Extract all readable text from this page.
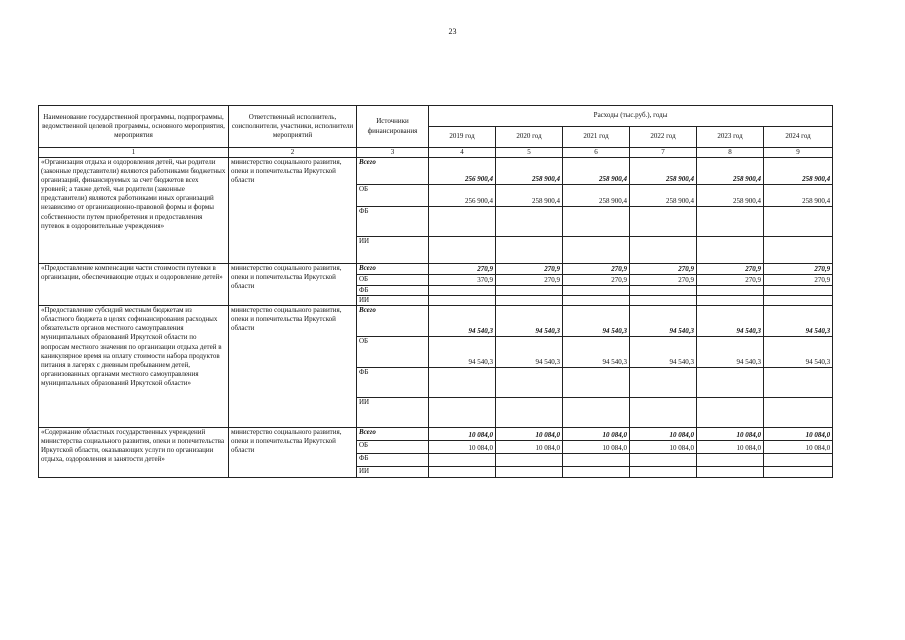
23
Наименование государственной программы, подпрограммы, ведомственной целевой программы, основного мероприятия, мероприятия	Ответственный исполнитель, соисполнители, участники, исполнители мероприятий	Источники финансирования	Расходы (тыс.руб.), годы					
			2019 год	2020 год	2021 год	2022 год	2023 год	2024 год
1	2	3	4	5	6	7	8	9
«Организация отдыха и оздоровления детей, чьи родители (законные представители) являются работниками бюджетных организаций, финансируемых за счет бюджетов всех уровней; а также детей, чьи родители (законные представители) являются работниками иных организаций независимо от организационно-правовой формы и формы собственности путем приобретения и предоставления путевок в оздоровительные учреждения»	министерство социального развития, опеки и попечительства Иркутской области	Всего	256 900,4	258 900,4	258 900,4	258 900,4	258 900,4	258 900,4
		ОБ	256 900,4	258 900,4	258 900,4	258 900,4	258 900,4	258 900,4
		ФБ						
		ИИ						
«Предоставление компенсации части стоимости путевки в организации, обеспечивающие отдых и оздоровление детей»	министерство социального развития, опеки и попечительства Иркутской области	Всего	270,9	270,9	270,9	270,9	270,9	270,9
		ОБ	370,9	270,9	270,9	270,9	270,9	270,9
		ФБ						
		ИИ						
«Предоставление субсидий местным бюджетам из областного бюджета в целях софинансирования расходных обязательств органов местного самоуправления муниципальных образований Иркутской области по вопросам местного значения по организации отдыха детей в каникулярное время на оплату стоимости набора продуктов питания в лагерях с дневным пребыванием детей, организованных органами местного самоуправления муниципальных образований Иркутской области»	министерство социального развития, опеки и попечительства Иркутской области	Всего	94 540,3	94 540,3	94 540,3	94 540,3	94 540,3	94 540,3
		ОБ	94 540,3	94 540,3	94 540,3	94 540,3	94 540,3	94 540,3
		ФБ						
		ИИ						
«Содержание областных государственных учреждений министерства социального развития, опеки и попечительства Иркутской области, оказывающих услуги по организации отдыха, оздоровления и занятости детей»	министерство социального развития, опеки и попечительства Иркутской области	Всего	10 084,0	10 084,0	10 084,0	10 084,0	10 084,0	10 084,0
		ОБ	10 084,0	10 084,0	10 084,0	10 084,0	10 084,0	10 084,0
		ФБ						
		ИИ						
